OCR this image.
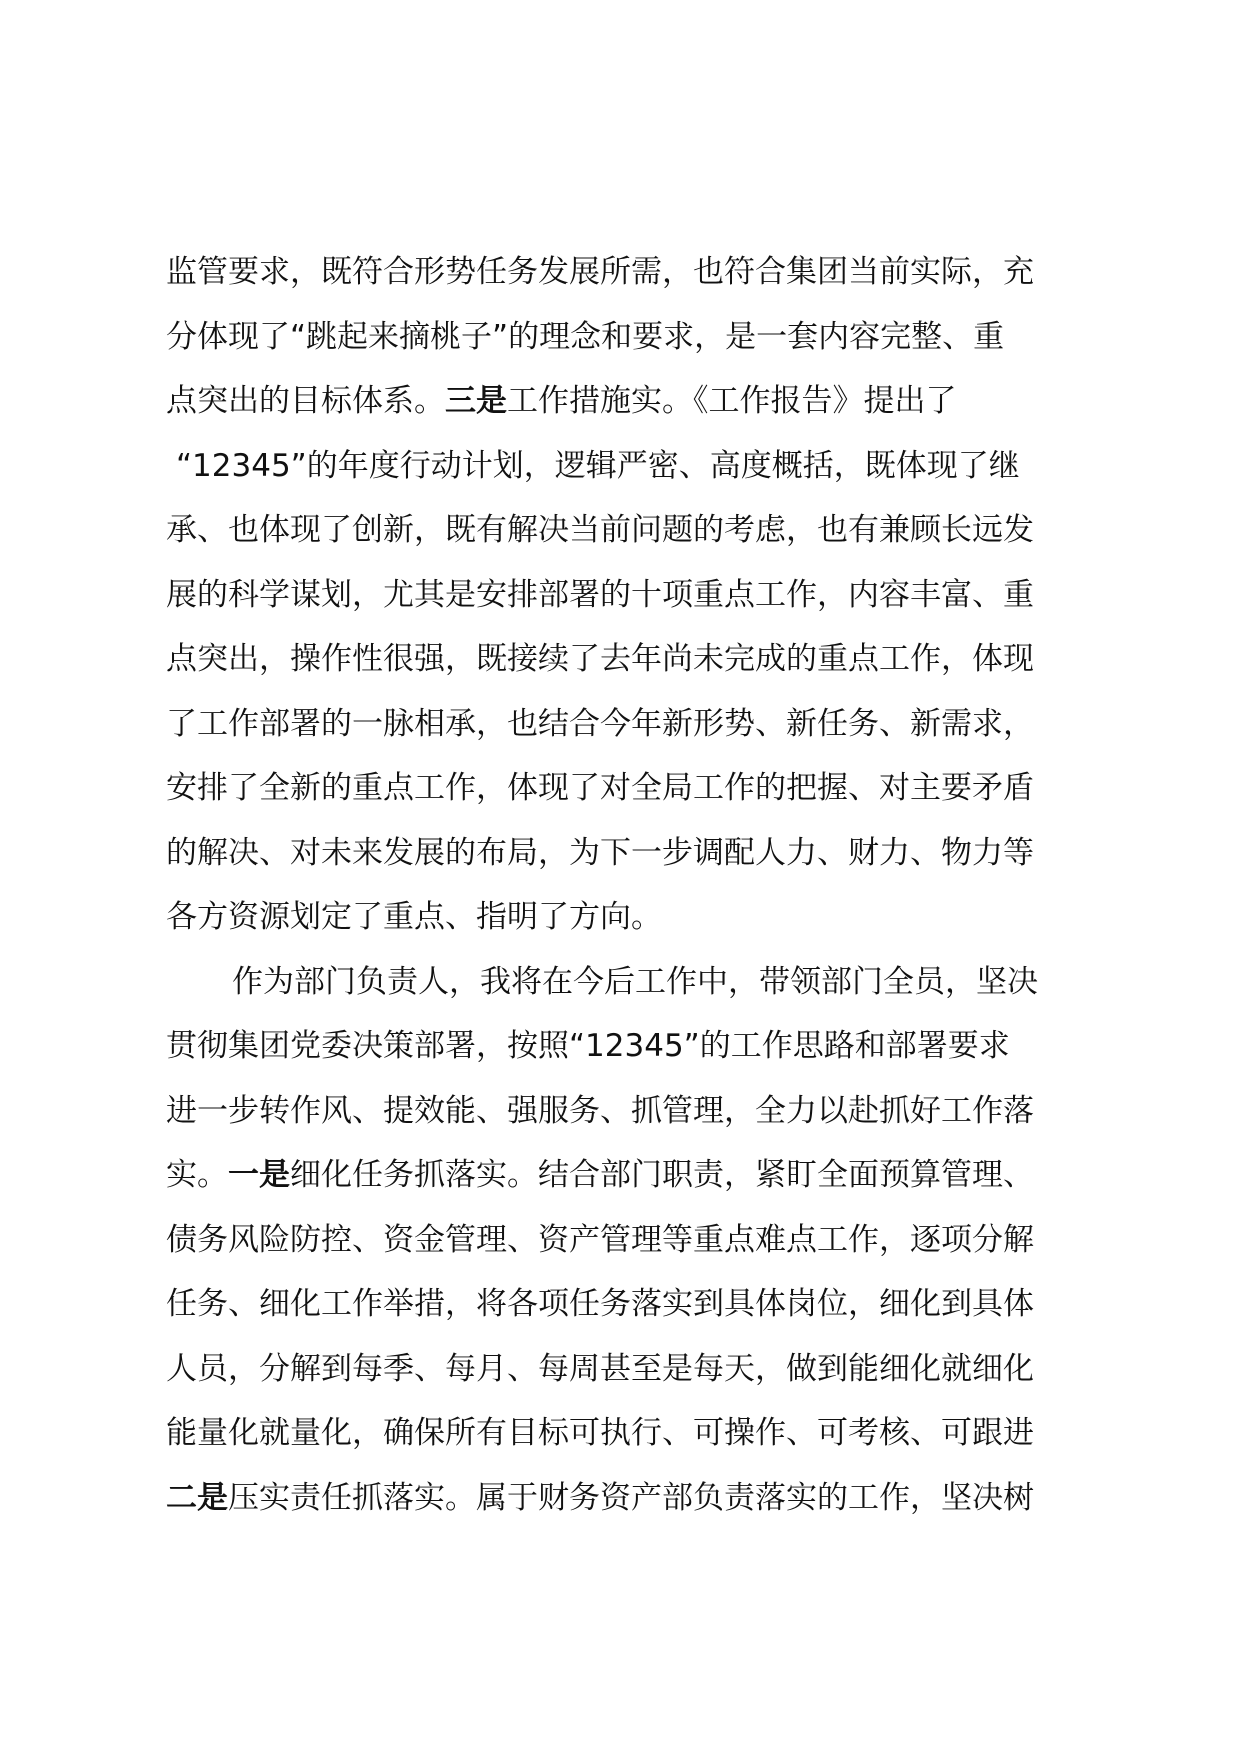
监管要求，既符合形势任务发展所需，也符合集团当前实际，充
分体现了“跳起来摘桃子”的理念和要求，是一套内容完整、重
点突出的目标体系。三是工作措施实。《工作报告》提出了
“12345”的年度行动计划，逻辑严密、高度概括，既体现了继
承、也体现了创新，既有解决当前问题的考虑，也有兼顾长远发
展的科学谋划，尤其是安排部署的十项重点工作，内容丰富、重
点突出，操作性很强，既接续了去年尚未完成的重点工作，体现
了工作部署的一脉相承，也结合今年新形势、新任务、新需求，
安排了全新的重点工作，体现了对全局工作的把握、对主要矛盾
的解决、对未来发展的布局，为下一步调配人力、财力、物力等
各方资源划定了重点、指明了方向。
作为部门负责人，我将在今后工作中，带领部门全员，坚决
贯彻集团党委决策部署，按照“12345”的工作思路和部署要求
进一步转作风、提效能、强服务、抓管理，全力以赴抓好工作落
实。一是细化任务抓落实。结合部门职责，紧盯全面预算管理、
债务风险防控、资金管理、资产管理等重点难点工作，逐项分解
任务、细化工作举措，将各项任务落实到具体岗位，细化到具体
人员，分解到每季、每月、每周甚至是每天，做到能细化就细化
能量化就量化，确保所有目标可执行、可操作、可考核、可跟进
二是压实责任抓落实。属于财务资产部负责落实的工作，坚决树
